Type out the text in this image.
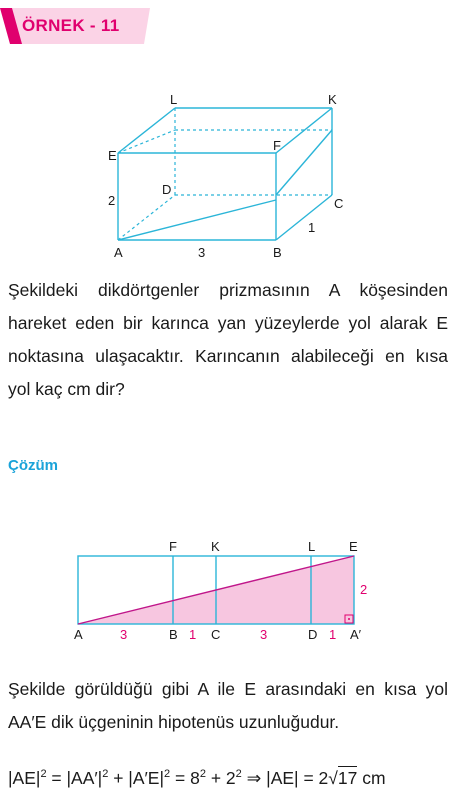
ÖRNEK - 11
L	K
E
F
D
C
A	B
2
1
3
Şekildeki dikdörtgenler prizmasının A köşesinden
hareket eden bir karınca yan yüzeylerde yol alarak E
noktasına ulaşacaktır. Karıncanın alabileceği en kısa
yol kaç cm dir?
Çözüm
F	K	L	E
A	B	C	D	A′
3	1	3	1
2
Şekilde görüldüğü gibi A ile E arasındaki en kısa yol
AA′E dik üçgeninin hipotenüs uzunluğudur.
$|AE|^2 = |AA'|^2 + |A'E|^2 = 8^2 + 2^2$ ⇒ |AE| = 2√17 cm
